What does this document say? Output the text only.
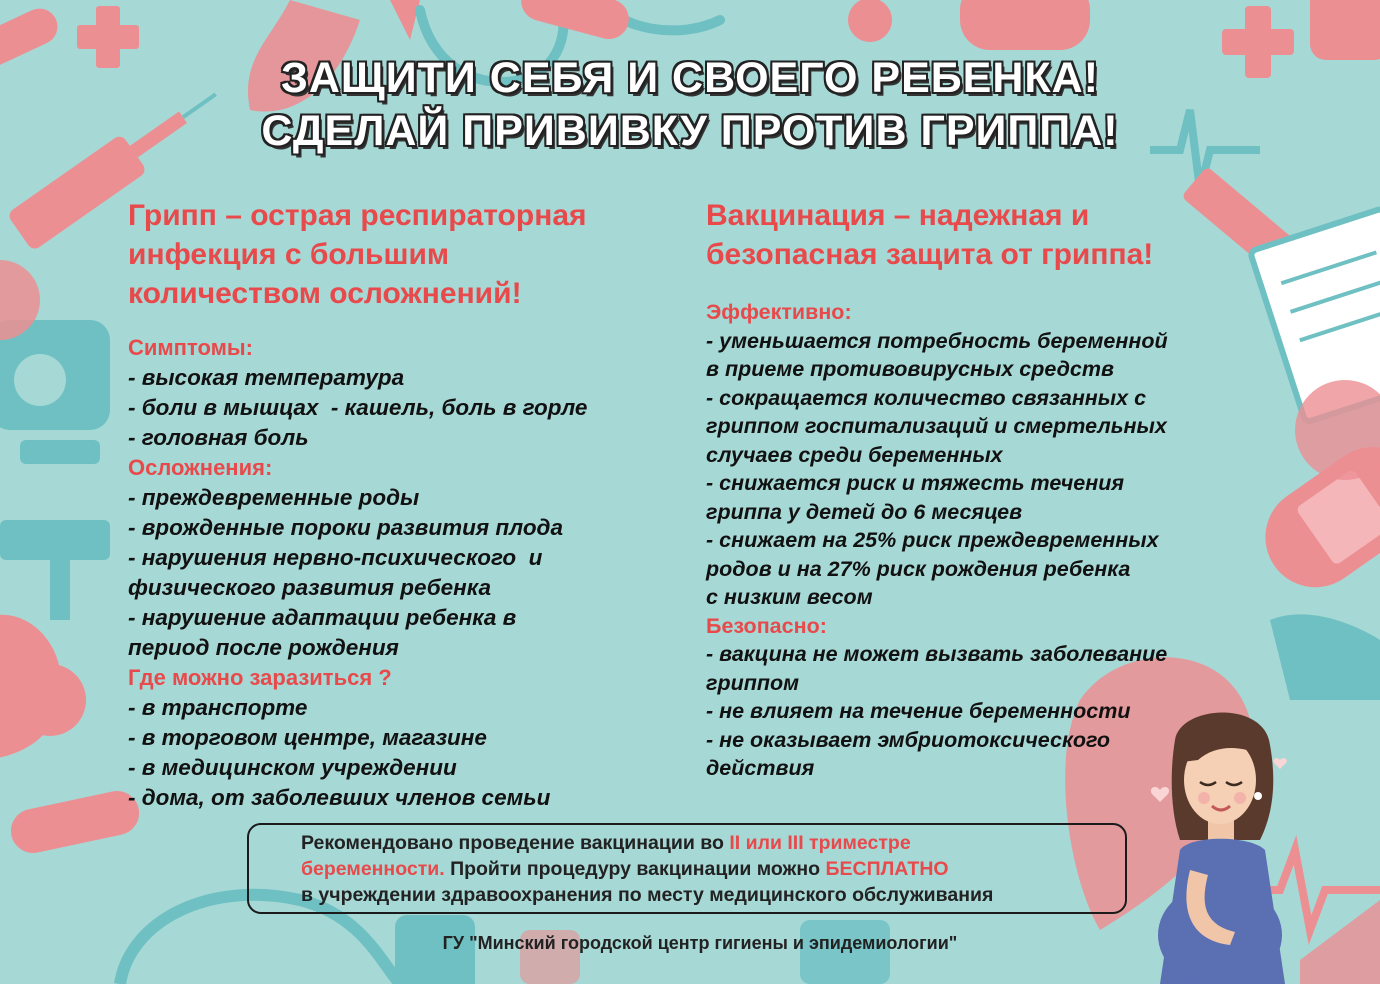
ЗАЩИТИ СЕБЯ И СВОЕГО РЕБЕНКА!
СДЕЛАЙ ПРИВИВКУ ПРОТИВ ГРИППА!

Грипп – острая респираторная

инфекция с большим

количеством осложнений!

Симптомы:

- высокая температура

- боли в мышцах  - кашель, боль в горле

- головная боль

Осложнения:

- преждевременные роды

- врожденные пороки развития плода

- нарушения нервно-психического  и

физического развития ребенка

- нарушение адаптации ребенка в

период после рождения

Где можно заразиться ?

- в транспорте

- в торговом центре, магазине

- в медицинском учреждении

- дома, от заболевших членов семьи

Вакцинация – надежная и

безопасная защита от гриппа!

Эффективно:

- уменьшается потребность беременной

в приеме противовирусных средств

- сокращается количество связанных с

гриппом госпитализаций и смертельных

случаев среди беременных

- снижается риск и тяжесть течения

гриппа у детей до 6 месяцев

- снижает на 25% риск преждевременных

родов и на 27% риск рождения ребенка

с низким весом

Безопасно:

- вакцина не может вызвать заболевание

гриппом

- не влияет на течение беременности

- не оказывает эмбриотоксического

действия

Рекомендовано проведение вакцинации во II или III триместре

беременности. Пройти процедуру вакцинации можно БЕСПЛАТНО

в учреждении здравоохранения по месту медицинского обслуживания

ГУ "Минский городской центр гигиены и эпидемиологии"
